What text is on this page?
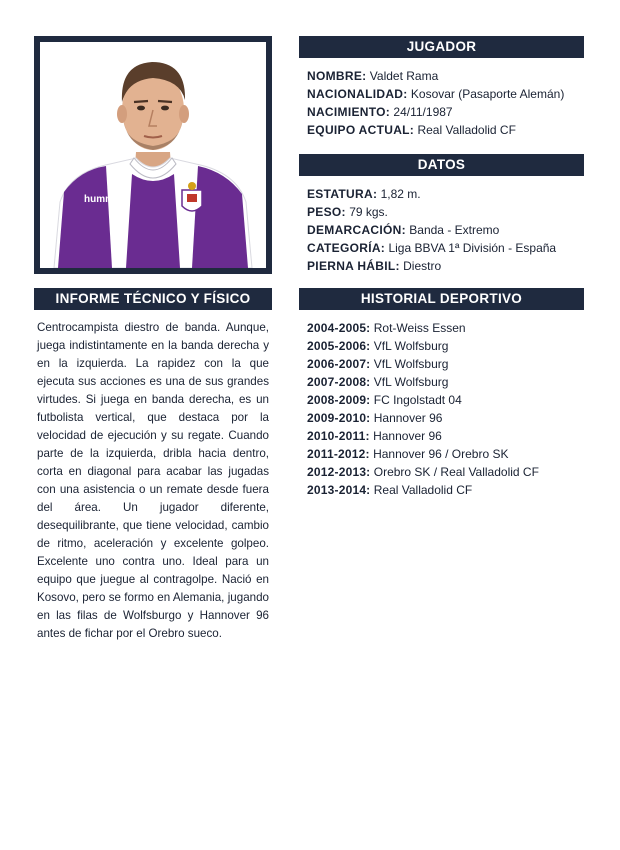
hummel
JUGADOR
NOMBRE: Valdet Rama
NACIONALIDAD: Kosovar (Pasaporte Alemán)
NACIMIENTO: 24/11/1987
EQUIPO ACTUAL: Real Valladolid CF
DATOS
ESTATURA: 1,82 m.
PESO: 79 kgs.
DEMARCACIÓN: Banda - Extremo
CATEGORÍA: Liga BBVA 1ª División - España
PIERNA HÁBIL: Diestro
INFORME TÉCNICO Y FÍSICO
Centrocampista diestro de banda. Aunque, juega indistintamente en la banda derecha y en la izquierda. La rapidez con la que ejecuta sus acciones es una de sus grandes virtudes. Si juega en banda derecha, es un futbolista vertical, que destaca por la velocidad de ejecución y su regate. Cuando parte de la izquierda, dribla hacia dentro, corta en diagonal para acabar las jugadas con una asistencia o un remate desde fuera del área. Un jugador diferente, desequilibrante, que tiene velocidad, cambio de ritmo, aceleración y excelente golpeo. Excelente uno contra uno. Ideal para un equipo que juegue al contragolpe. Nació en Kosovo, pero se formo en Alemania, jugando en las filas de Wolfsburgo y Hannover 96 antes de fichar por el Orebro sueco.
HISTORIAL DEPORTIVO
2004-2005: Rot-Weiss Essen
2005-2006: VfL Wolfsburg
2006-2007: VfL Wolfsburg
2007-2008: VfL Wolfsburg
2008-2009: FC Ingolstadt 04
2009-2010: Hannover 96
2010-2011: Hannover 96
2011-2012: Hannover 96 / Orebro SK
2012-2013: Orebro SK / Real Valladolid CF
2013-2014: Real Valladolid CF
